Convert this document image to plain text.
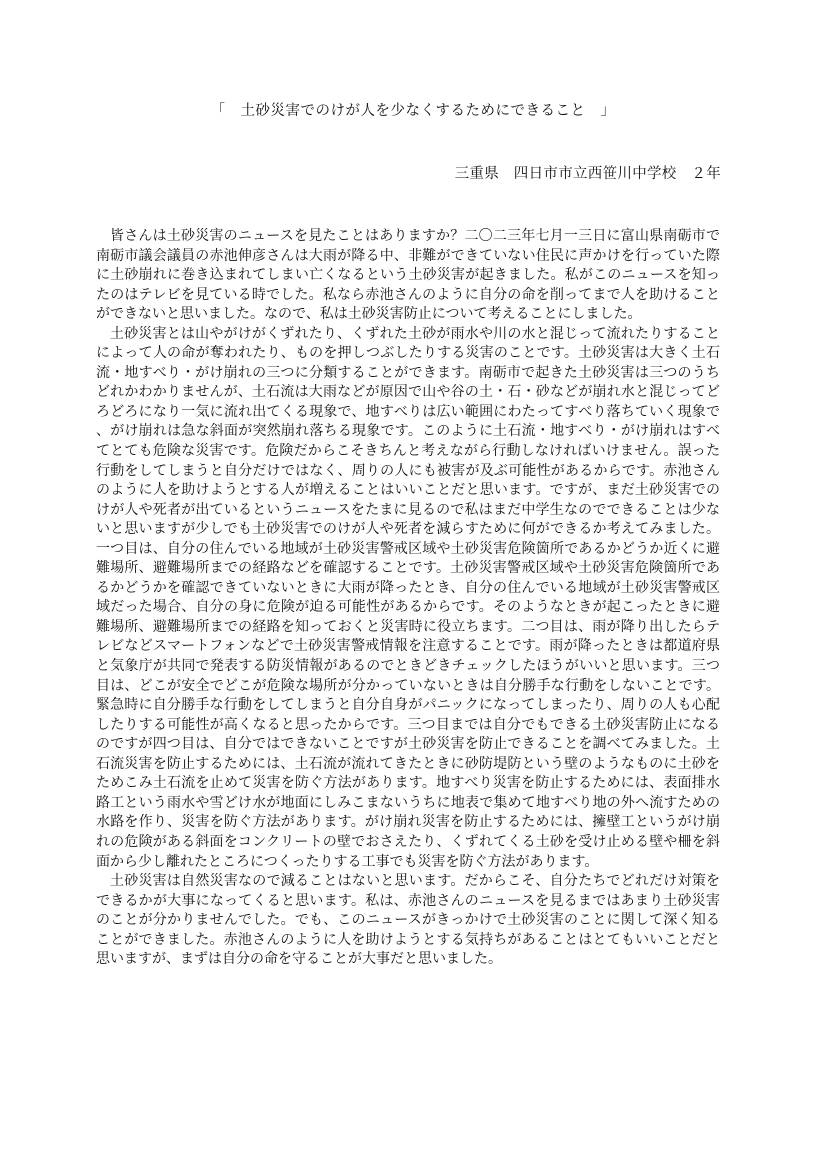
「　土砂災害でのけが人を少なくするためにできること　」
三重県　四日市市立西笹川中学校　２年

皆さんは土砂災害のニュースを見たことはありますか？二〇二三年七月一三日に富山県南砺市で南砺市議会議員の赤池伸彦さんは大雨が降る中、非難ができていない住民に声かけを行っていた際に土砂崩れに巻き込まれてしまい亡くなるという土砂災害が起きました。私がこのニュースを知ったのはテレビを見ている時でした。私なら赤池さんのように自分の命を削ってまで人を助けることができないと思いました。なので、私は土砂災害防止について考えることにしました。

土砂災害とは山やがけがくずれたり、くずれた土砂が雨水や川の水と混じって流れたりすることによって人の命が奪われたり、ものを押しつぶしたりする災害のことです。土砂災害は大きく土石流・地すべり・がけ崩れの三つに分類することができます。南砺市で起きた土砂災害は三つのうちどれかわかりませんが、土石流は大雨などが原因で山や谷の土・石・砂などが崩れ水と混じってどろどろになり一気に流れ出てくる現象で、地すべりは広い範囲にわたってすべり落ちていく現象で、がけ崩れは急な斜面が突然崩れ落ちる現象です。このように土石流・地すべり・がけ崩れはすべてとても危険な災害です。危険だからこそきちんと考えながら行動しなければいけません。誤った行動をしてしまうと自分だけではなく、周りの人にも被害が及ぶ可能性があるからです。赤池さんのように人を助けようとする人が増えることはいいことだと思います。ですが、まだ土砂災害でのけが人や死者が出ているというニュースをたまに見るので私はまだ中学生なのでできることは少ないと思いますが少しでも土砂災害でのけが人や死者を減らすために何ができるか考えてみました。一つ目は、自分の住んでいる地域が土砂災害警戒区域や土砂災害危険箇所であるかどうか近くに避難場所、避難場所までの経路などを確認することです。土砂災害警戒区域や土砂災害危険箇所であるかどうかを確認できていないときに大雨が降ったとき、自分の住んでいる地域が土砂災害警戒区域だった場合、自分の身に危険が迫る可能性があるからです。そのようなときが起こったときに避難場所、避難場所までの経路を知っておくと災害時に役立ちます。二つ目は、雨が降り出したらテレビなどスマートフォンなどで土砂災害警戒情報を注意することです。雨が降ったときは都道府県と気象庁が共同で発表する防災情報があるのでときどきチェックしたほうがいいと思います。三つ目は、どこが安全でどこが危険な場所が分かっていないときは自分勝手な行動をしないことです。緊急時に自分勝手な行動をしてしまうと自分自身がパニックになってしまったり、周りの人も心配したりする可能性が高くなると思ったからです。三つ目までは自分でもできる土砂災害防止になるのですが四つ目は、自分ではできないことですが土砂災害を防止できることを調べてみました。土石流災害を防止するためには、土石流が流れてきたときに砂防堤防という壁のようなものに土砂をためこみ土石流を止めて災害を防ぐ方法があります。地すべり災害を防止するためには、表面排水路工という雨水や雪どけ水が地面にしみこまないうちに地表で集めて地すべり地の外へ流すための水路を作り、災害を防ぐ方法があります。がけ崩れ災害を防止するためには、擁壁工というがけ崩れの危険がある斜面をコンクリートの壁でおさえたり、くずれてくる土砂を受け止める壁や柵を斜面から少し離れたところにつくったりする工事でも災害を防ぐ方法があります。

土砂災害は自然災害なので減ることはないと思います。だからこそ、自分たちでどれだけ対策をできるかが大事になってくると思います。私は、赤池さんのニュースを見るまではあまり土砂災害のことが分かりませんでした。でも、このニュースがきっかけで土砂災害のことに関して深く知ることができました。赤池さんのように人を助けようとする気持ちがあることはとてもいいことだと思いますが、まずは自分の命を守ることが大事だと思いました。
